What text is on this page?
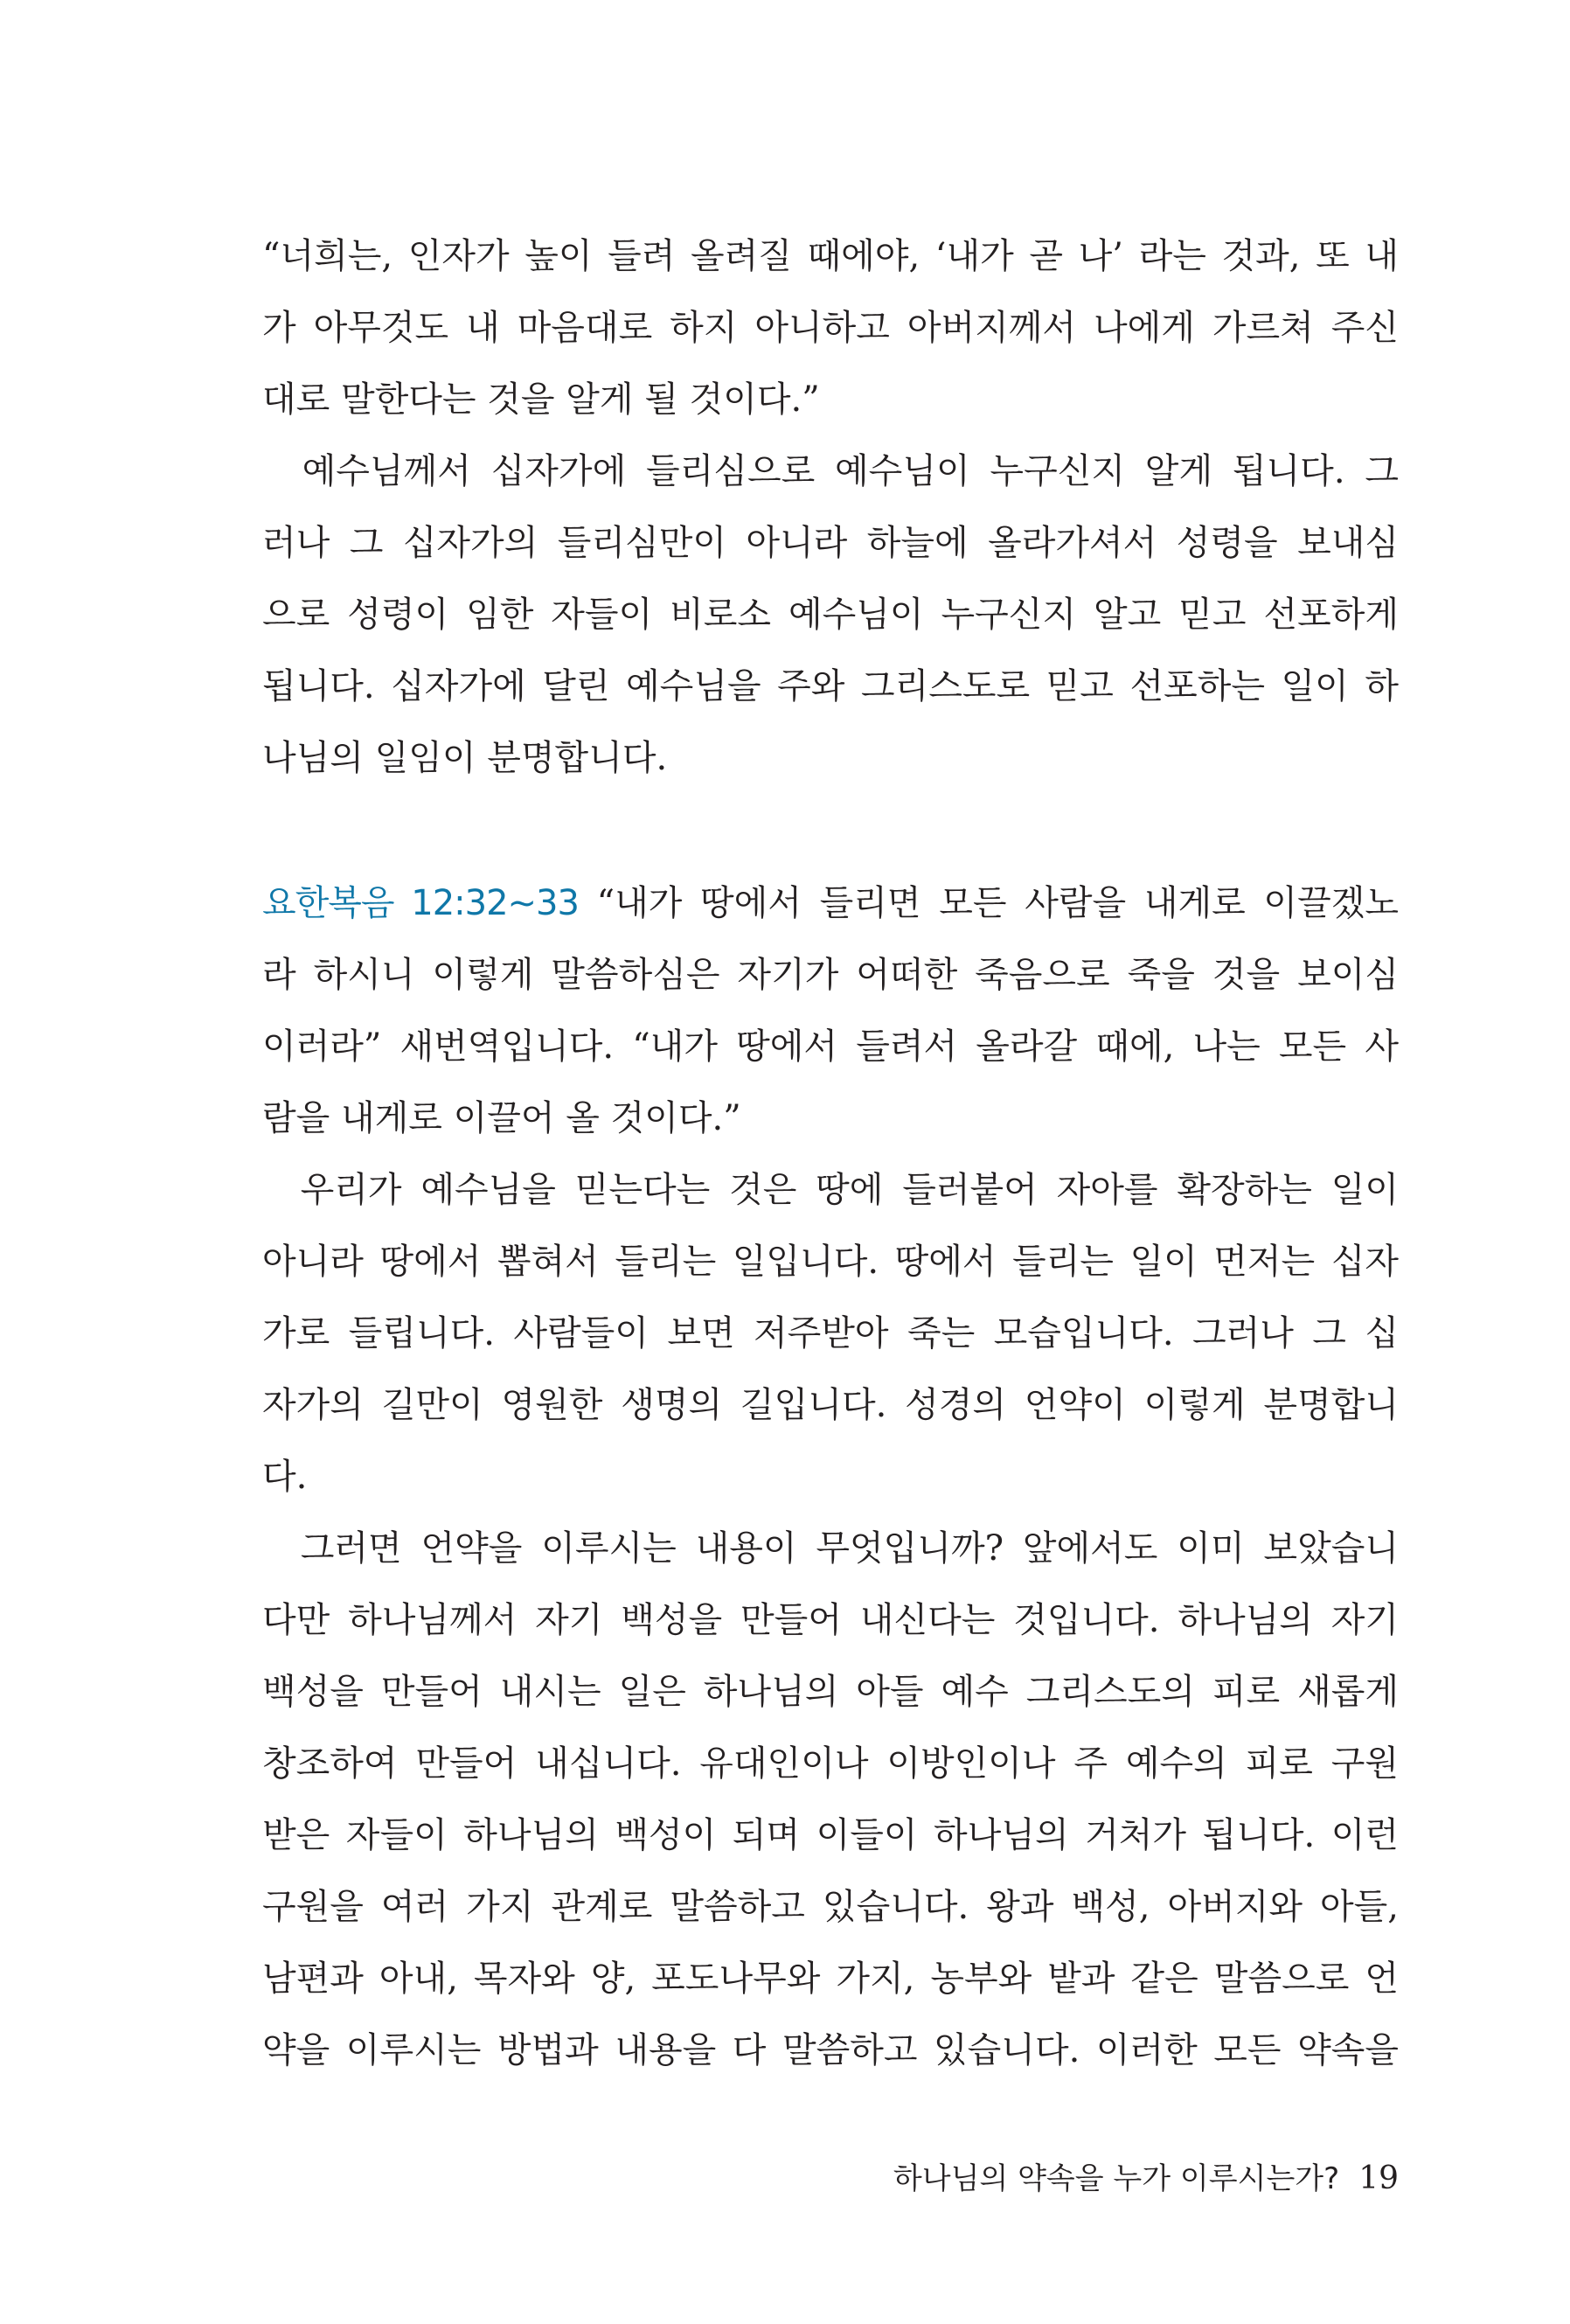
“너희는, 인자가 높이 들려 올려질 때에야, ‘내가 곧 나’ 라는 것과, 또 내
가 아무것도 내 마음대로 하지 아니하고 아버지께서 나에게 가르쳐 주신
대로 말한다는 것을 알게 될 것이다.”
예수님께서 십자가에 들리심으로 예수님이 누구신지 알게 됩니다. 그
러나 그 십자가의 들리심만이 아니라 하늘에 올라가셔서 성령을 보내심
으로 성령이 임한 자들이 비로소 예수님이 누구신지 알고 믿고 선포하게
됩니다. 십자가에 달린 예수님을 주와 그리스도로 믿고 선포하는 일이 하
나님의 일임이 분명합니다.
요한복음 12:32~33 “내가 땅에서 들리면 모든 사람을 내게로 이끌겠노
라 하시니 이렇게 말씀하심은 자기가 어떠한 죽음으로 죽을 것을 보이심
이러라” 새번역입니다. “내가 땅에서 들려서 올라갈 때에, 나는 모든 사
람을 내게로 이끌어 올 것이다.”
우리가 예수님을 믿는다는 것은 땅에 들러붙어 자아를 확장하는 일이
아니라 땅에서 뽑혀서 들리는 일입니다. 땅에서 들리는 일이 먼저는 십자
가로 들립니다. 사람들이 보면 저주받아 죽는 모습입니다. 그러나 그 십
자가의 길만이 영원한 생명의 길입니다. 성경의 언약이 이렇게 분명합니
다.
그러면 언약을 이루시는 내용이 무엇입니까? 앞에서도 이미 보았습니
다만 하나님께서 자기 백성을 만들어 내신다는 것입니다. 하나님의 자기
백성을 만들어 내시는 일은 하나님의 아들 예수 그리스도의 피로 새롭게
창조하여 만들어 내십니다. 유대인이나 이방인이나 주 예수의 피로 구원
받은 자들이 하나님의 백성이 되며 이들이 하나님의 거처가 됩니다. 이런
구원을 여러 가지 관계로 말씀하고 있습니다. 왕과 백성, 아버지와 아들,
남편과 아내, 목자와 양, 포도나무와 가지, 농부와 밭과 같은 말씀으로 언
약을 이루시는 방법과 내용을 다 말씀하고 있습니다. 이러한 모든 약속을
하나님의 약속을 누가 이루시는가? 19
